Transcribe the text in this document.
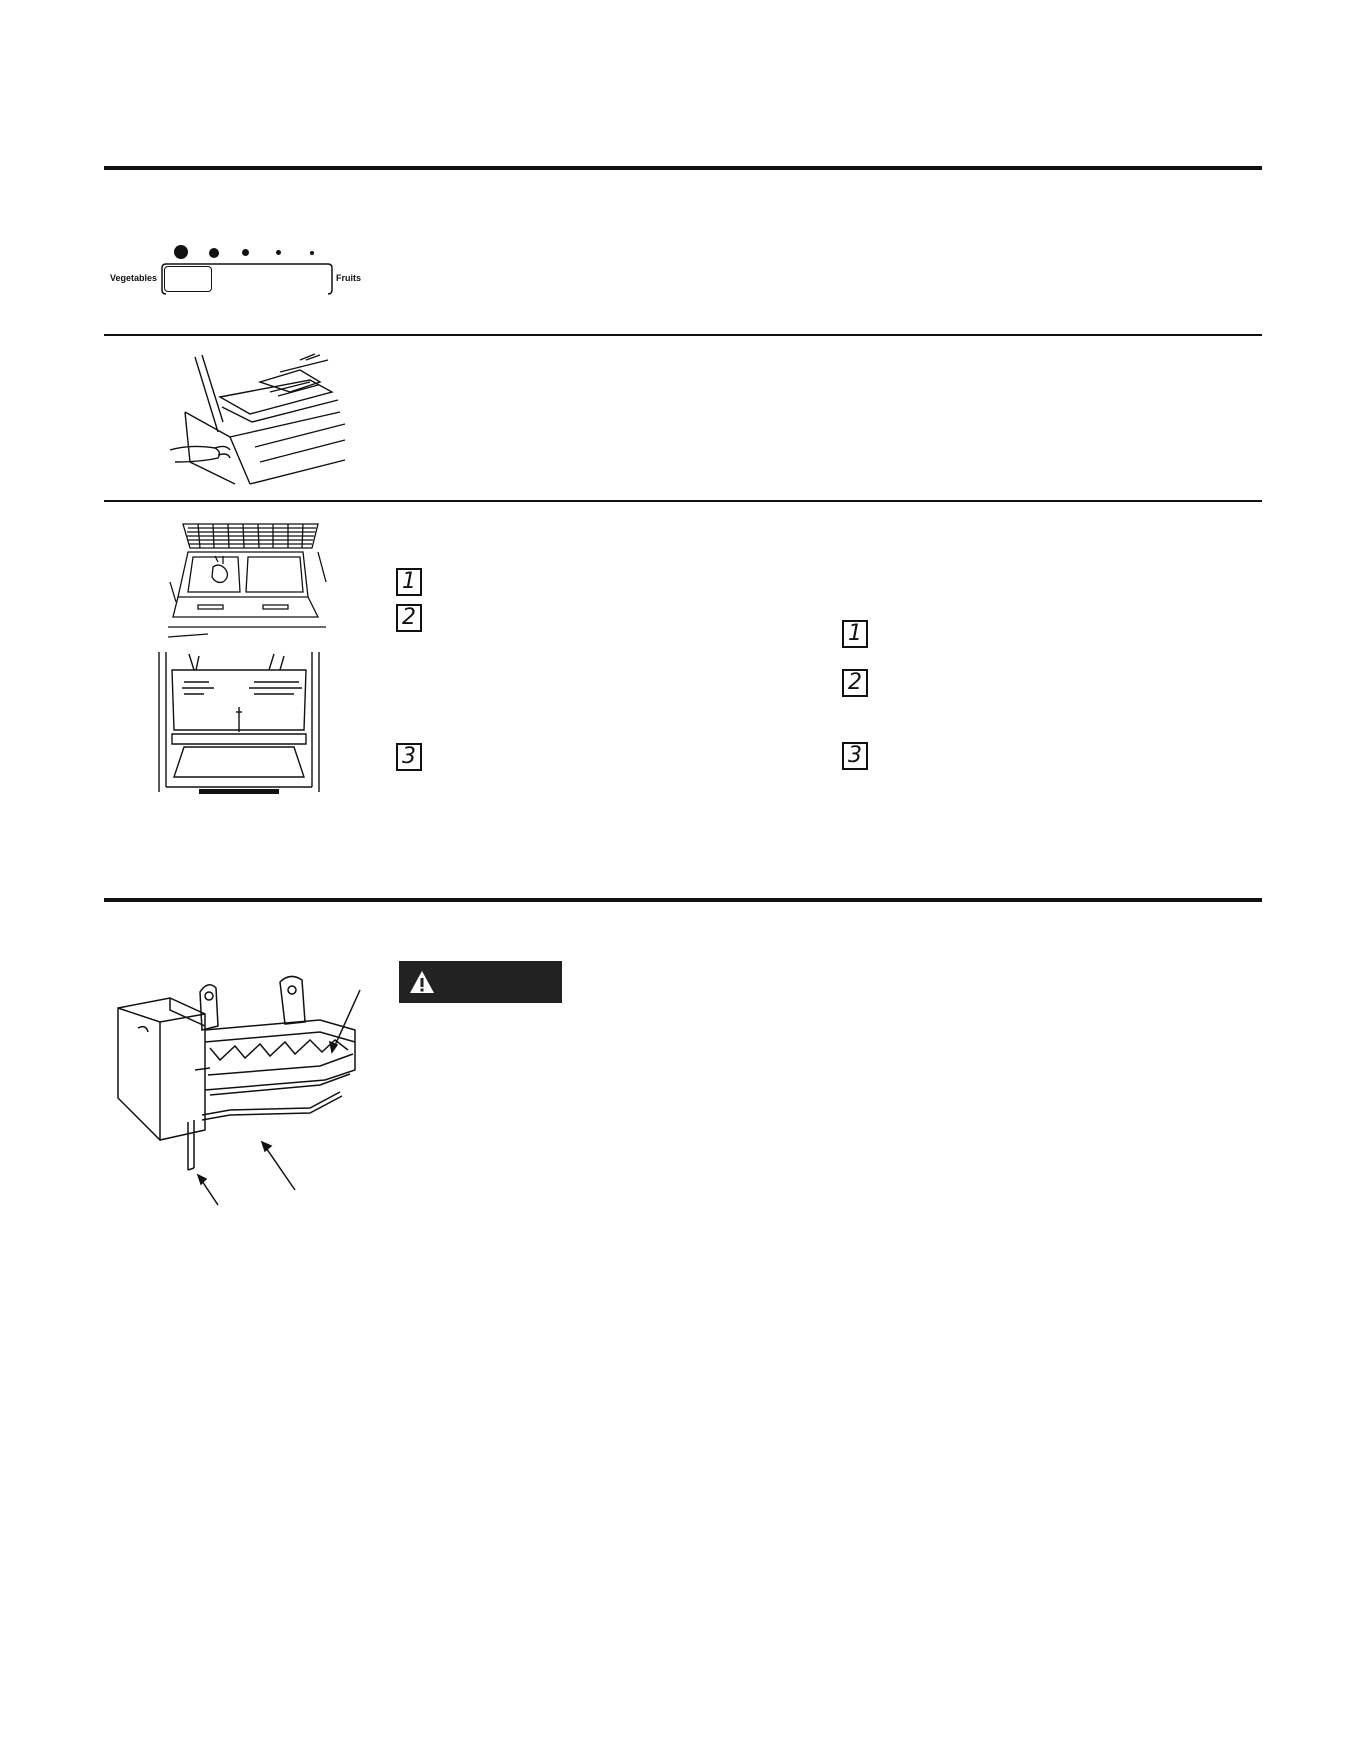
Vegetables	Fruits
1
2
3
1
2
3
